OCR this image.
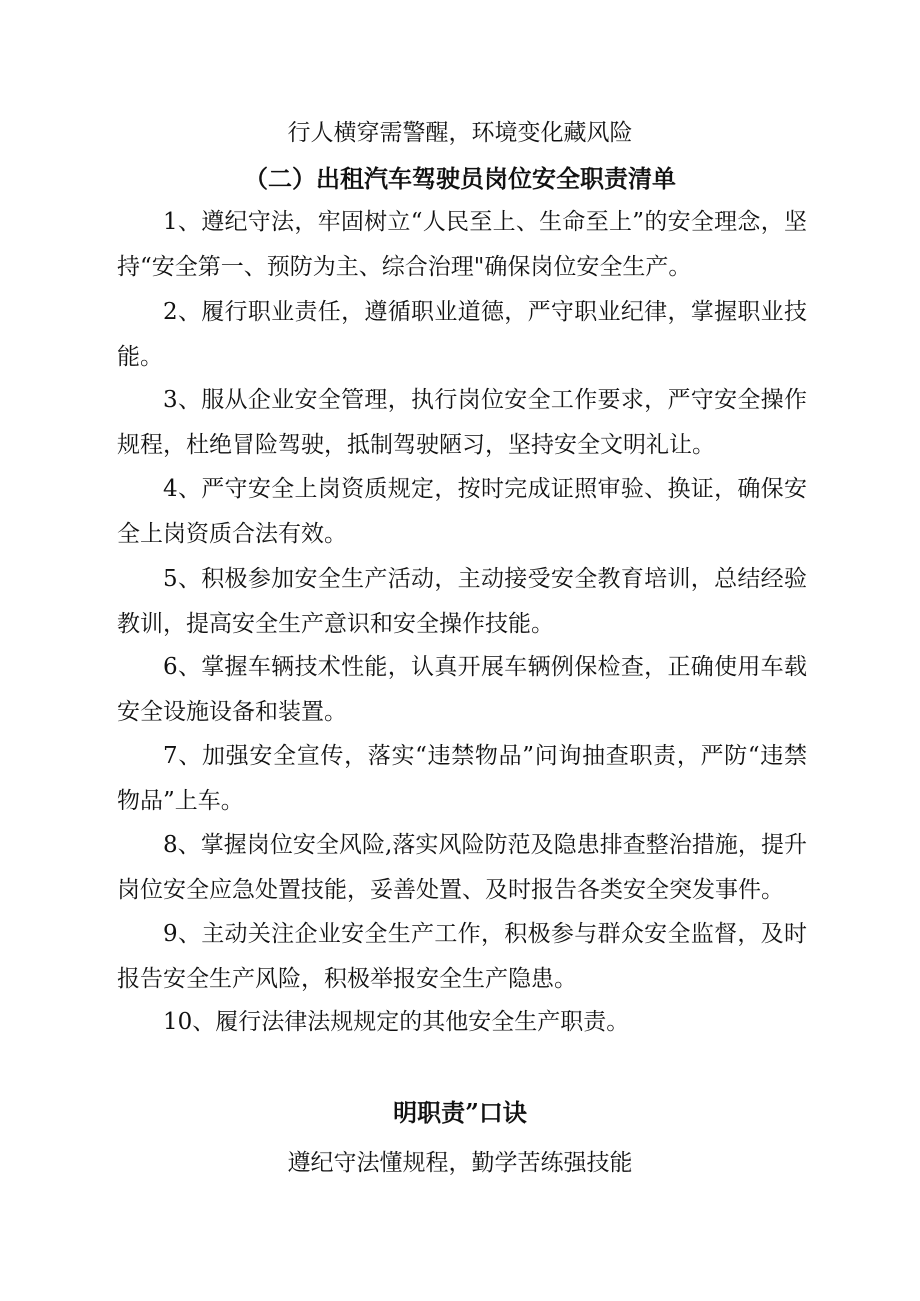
行人横穿需警醒，环境变化藏风险
（二）出租汽车驾驶员岗位安全职责清单
1、遵纪守法，牢固树立“人民至上、生命至上”的安全理念，坚持“安全第一、预防为主、综合治理"确保岗位安全生产。
2、履行职业责任，遵循职业道德，严守职业纪律，掌握职业技能。
3、服从企业安全管理，执行岗位安全工作要求，严守安全操作规程，杜绝冒险驾驶，抵制驾驶陋习，坚持安全文明礼让。
4、严守安全上岗资质规定，按时完成证照审验、换证，确保安全上岗资质合法有效。
5、积极参加安全生产活动，主动接受安全教育培训，总结经验教训，提高安全生产意识和安全操作技能。
6、掌握车辆技术性能，认真开展车辆例保检查，正确使用车载安全设施设备和装置。
7、加强安全宣传，落实“违禁物品”问询抽查职责，严防“违禁物品”上车。
8、掌握岗位安全风险,落实风险防范及隐患排查整治措施，提升岗位安全应急处置技能，妥善处置、及时报告各类安全突发事件。
9、主动关注企业安全生产工作，积极参与群众安全监督，及时报告安全生产风险，积极举报安全生产隐患。
10、履行法律法规规定的其他安全生产职责。
明职责”口诀
遵纪守法懂规程，勤学苦练强技能
